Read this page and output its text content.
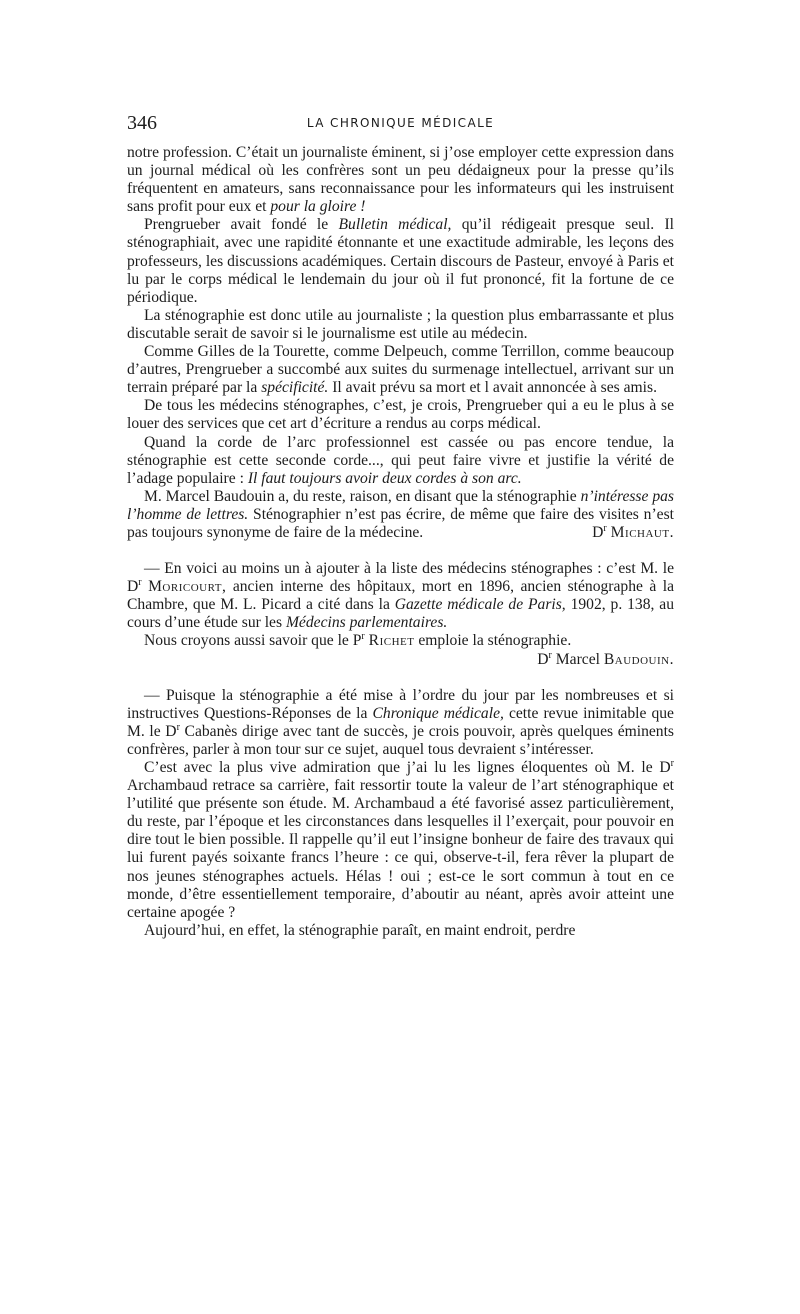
346	LA CHRONIQUE MÉDICALE

notre profession. C’était un journaliste éminent, si j’ose employer cette expression dans un journal médical où les confrères sont un peu dédaigneux pour la presse qu’ils fréquentent en amateurs, sans reconnaissance pour les informateurs qui les instruisent sans profit pour eux et pour la gloire !

Prengrueber avait fondé le Bulletin médical, qu’il rédigeait presque seul. Il sténographiait, avec une rapidité étonnante et une exactitude admirable, les leçons des professeurs, les discussions académiques. Certain discours de Pasteur, envoyé à Paris et lu par le corps médical le lendemain du jour où il fut prononcé, fit la fortune de ce périodique.

La sténographie est donc utile au journaliste ; la question plus embarrassante et plus discutable serait de savoir si le journalisme est utile au médecin.

Comme Gilles de la Tourette, comme Delpeuch, comme Terrillon, comme beaucoup d’autres, Prengrueber a succombé aux suites du surmenage intellectuel, arrivant sur un terrain préparé par la spécificité. Il avait prévu sa mort et l avait annoncée à ses amis.

De tous les médecins sténographes, c’est, je crois, Prengrueber qui a eu le plus à se louer des services que cet art d’écriture a rendus au corps médical.

Quand la corde de l’arc professionnel est cassée ou pas encore tendue, la sténographie est cette seconde corde..., qui peut faire vivre et justifie la vérité de l’adage populaire : Il faut toujours avoir deux cordes à son arc.

M. Marcel Baudouin a, du reste, raison, en disant que la sténographie n’intéresse pas l’homme de lettres. Sténographier n’est pas écrire, de même que faire des visites n’est pas toujours synonyme de faire de la médecine.	$D^r$ Michaut.

— En voici au moins un à ajouter à la liste des médecins sténographes : c’est M. le $D^r$ Moricourt, ancien interne des hôpitaux, mort en 1896, ancien sténographe à la Chambre, que M. L. Picard a cité dans la Gazette médicale de Paris, 1902, p. 138, au cours d’une étude sur les Médecins parlementaires.

Nous croyons aussi savoir que le $P^r$ Richet emploie la sténographie.
$D^r$ Marcel Baudouin.

— Puisque la sténographie a été mise à l’ordre du jour par les nombreuses et si instructives Questions-Réponses de la Chronique médicale, cette revue inimitable que M. le $D^r$ Cabanès dirige avec tant de succès, je crois pouvoir, après quelques éminents confrères, parler à mon tour sur ce sujet, auquel tous devraient s’intéresser.

C’est avec la plus vive admiration que j’ai lu les lignes éloquentes où M. le $D^r$ Archambaud retrace sa carrière, fait ressortir toute la valeur de l’art sténographique et l’utilité que présente son étude. M. Archambaud a été favorisé assez particulièrement, du reste, par l’époque et les circonstances dans lesquelles il l’exerçait, pour pouvoir en dire tout le bien possible. Il rappelle qu’il eut l’insigne bonheur de faire des travaux qui lui furent payés soixante francs l’heure : ce qui, observe-t-il, fera rêver la plupart de nos jeunes sténographes actuels. Hélas ! oui ; est-ce le sort commun à tout en ce monde, d’être essentiellement temporaire, d’aboutir au néant, après avoir atteint une certaine apogée ?

Aujourd’hui, en effet, la sténographie paraît, en maint endroit, perdre
